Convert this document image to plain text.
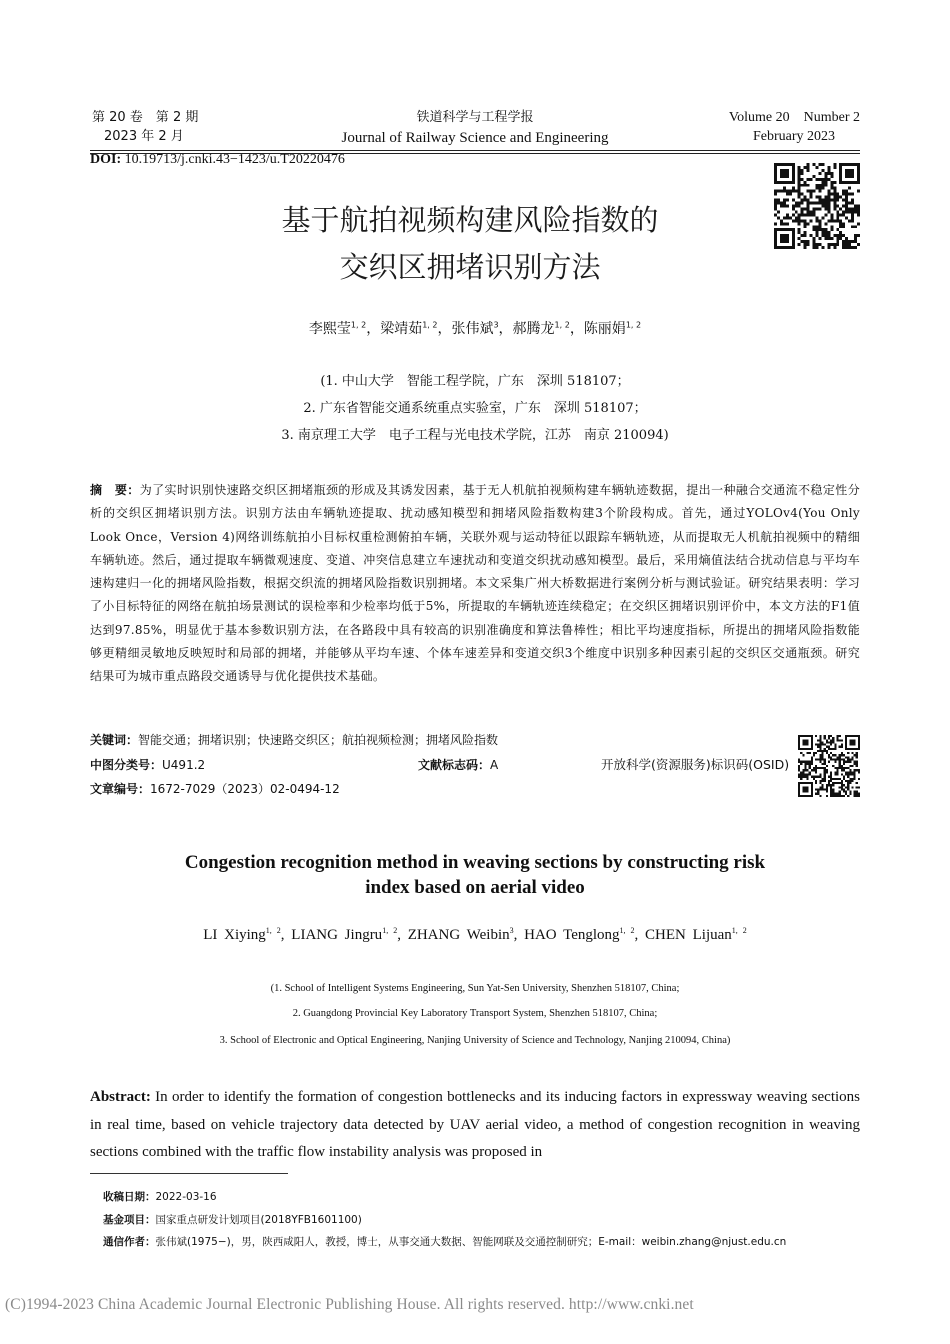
第 20 卷　第 2 期
2023 年 2 月
铁道科学与工程学报
Journal of Railway Science and Engineering
Volume 20　Number 2
February 2023
DOI: 10.19713/j.cnki.43−1423/u.T20220476
基于航拍视频构建风险指数的
交织区拥堵识别方法
李熙莹$^{1, 2}$，梁靖茹$^{1, 2}$，张伟斌$^3$，郝腾龙$^{1, 2}$，陈丽娟$^{1, 2}$
(1. 中山大学　智能工程学院，广东　深圳 518107；
2. 广东省智能交通系统重点实验室，广东　深圳 518107；
3. 南京理工大学　电子工程与光电技术学院，江苏　南京 210094)
摘　要：为了实时识别快速路交织区拥堵瓶颈的形成及其诱发因素，基于无人机航拍视频构建车辆轨迹数据，提出一种融合交通流不稳定性分析的交织区拥堵识别方法。识别方法由车辆轨迹提取、扰动感知模型和拥堵风险指数构建3个阶段构成。首先，通过YOLOv4(You Only Look Once，Version 4)网络训练航拍小目标权重检测俯拍车辆，关联外观与运动特征以跟踪车辆轨迹，从而提取无人机航拍视频中的精细车辆轨迹。然后，通过提取车辆微观速度、变道、冲突信息建立车速扰动和变道交织扰动感知模型。最后，采用熵值法结合扰动信息与平均车速构建归一化的拥堵风险指数，根据交织流的拥堵风险指数识别拥堵。本文采集广州大桥数据进行案例分析与测试验证。研究结果表明：学习了小目标特征的网络在航拍场景测试的误检率和少检率均低于5%，所提取的车辆轨迹连续稳定；在交织区拥堵识别评价中，本文方法的F1值达到97.85%，明显优于基本参数识别方法，在各路段中具有较高的识别准确度和算法鲁棒性；相比平均速度指标，所提出的拥堵风险指数能够更精细灵敏地反映短时和局部的拥堵，并能够从平均车速、个体车速差异和变道交织3个维度中识别多种因素引起的交织区交通瓶颈。研究结果可为城市重点路段交通诱导与优化提供技术基础。
关键词：智能交通；拥堵识别；快速路交织区；航拍视频检测；拥堵风险指数
中图分类号：U491.2	文献标志码：A	开放科学(资源服务)标识码(OSID)
文章编号：1672-7029（2023）02-0494-12
Congestion recognition method in weaving sections by constructing risk
index based on aerial video
LI Xiying$^{1, 2}$, LIANG Jingru$^{1, 2}$, ZHANG Weibin$^3$, HAO Tenglong$^{1, 2}$, CHEN Lijuan$^{1, 2}$
(1. School of Intelligent Systems Engineering, Sun Yat-Sen University, Shenzhen 518107, China;
2. Guangdong Provincial Key Laboratory Transport System, Shenzhen 518107, China;
3. School of Electronic and Optical Engineering, Nanjing University of Science and Technology, Nanjing 210094, China)
Abstract: In order to identify the formation of congestion bottlenecks and its inducing factors in expressway weaving sections in real time, based on vehicle trajectory data detected by UAV aerial video, a method of congestion recognition in weaving sections combined with the traffic flow instability analysis was proposed in
收稿日期：2022-03-16
基金项目：国家重点研发计划项目(2018YFB1601100)
通信作者：张伟斌(1975−)，男，陕西咸阳人，教授，博士，从事交通大数据、智能网联及交通控制研究；E-mail：weibin.zhang@njust.edu.cn
(C)1994-2023 China Academic Journal Electronic Publishing House. All rights reserved. http://www.cnki.net
